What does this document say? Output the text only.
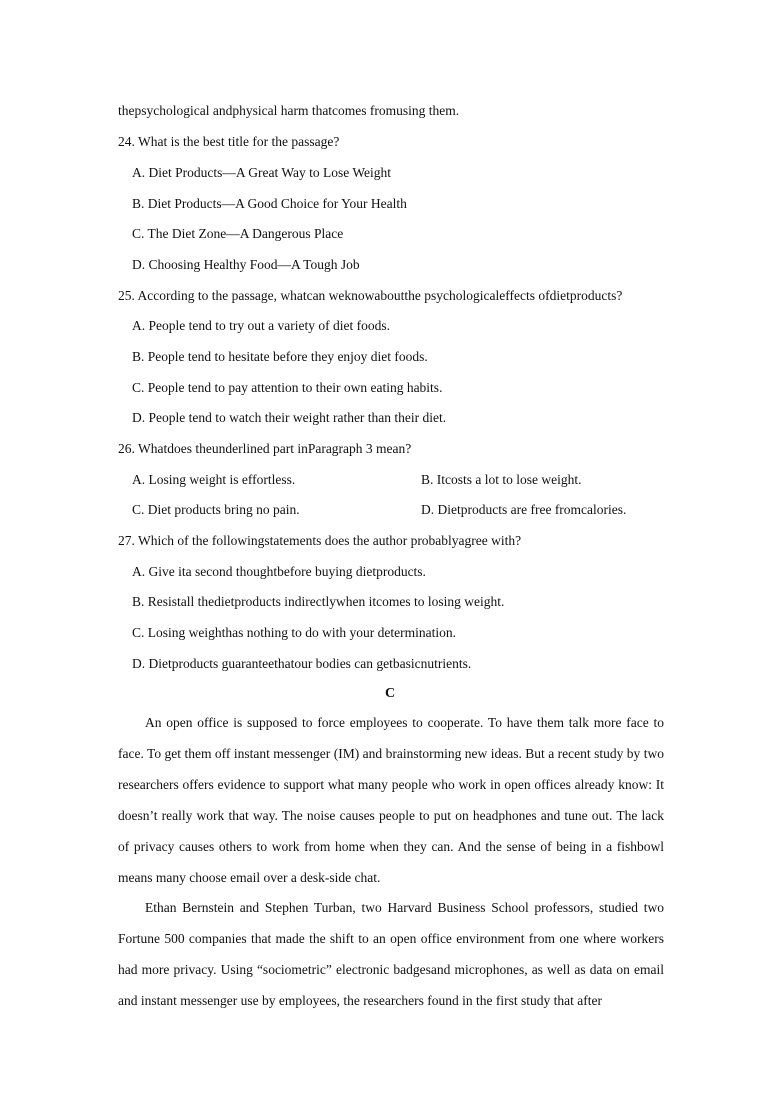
thepsychological andphysical harm thatcomes fromusing them.
24. What is the best title for the passage?
A. Diet Products—A Great Way to Lose Weight
B. Diet Products—A Good Choice for Your Health
C. The Diet Zone—A Dangerous Place
D. Choosing Healthy Food—A Tough Job
25. According to the passage, whatcan weknowaboutthe psychologicaleffects ofdietproducts?
A. People tend to try out a variety of diet foods.
B. People tend to hesitate before they enjoy diet foods.
C. People tend to pay attention to their own eating habits.
D. People tend to watch their weight rather than their diet.
26. Whatdoes theunderlined part inParagraph 3 mean?
A. Losing weight is effortless.	B. Itcosts a lot to lose weight.
C. Diet products bring no pain.	D. Dietproducts are free fromcalories.
27. Which of the followingstatements does the author probablyagree with?
A. Give ita second thoughtbefore buying dietproducts.
B. Resistall thedietproducts indirectlywhen itcomes to losing weight.
C. Losing weighthas nothing to do with your determination.
D. Dietproducts guaranteethatour bodies can getbasicnutrients.
C

An open office is supposed to force employees to cooperate. To have them talk more face to face. To get them off instant messenger (IM) and brainstorming new ideas. But a recent study by two researchers offers evidence to support what many people who work in open offices already know: It doesn’t really work that way. The noise causes people to put on headphones and tune out. The lack of privacy causes others to work from home when they can. And the sense of being in a fishbowl means many choose email over a desk-side chat.

Ethan Bernstein and Stephen Turban, two Harvard Business School professors, studied two Fortune 500 companies that made the shift to an open office environment from one where workers had more privacy. Using “sociometric” electronic badgesand microphones, as well as data on email and instant messenger use by employees, the researchers found in the first study that after
